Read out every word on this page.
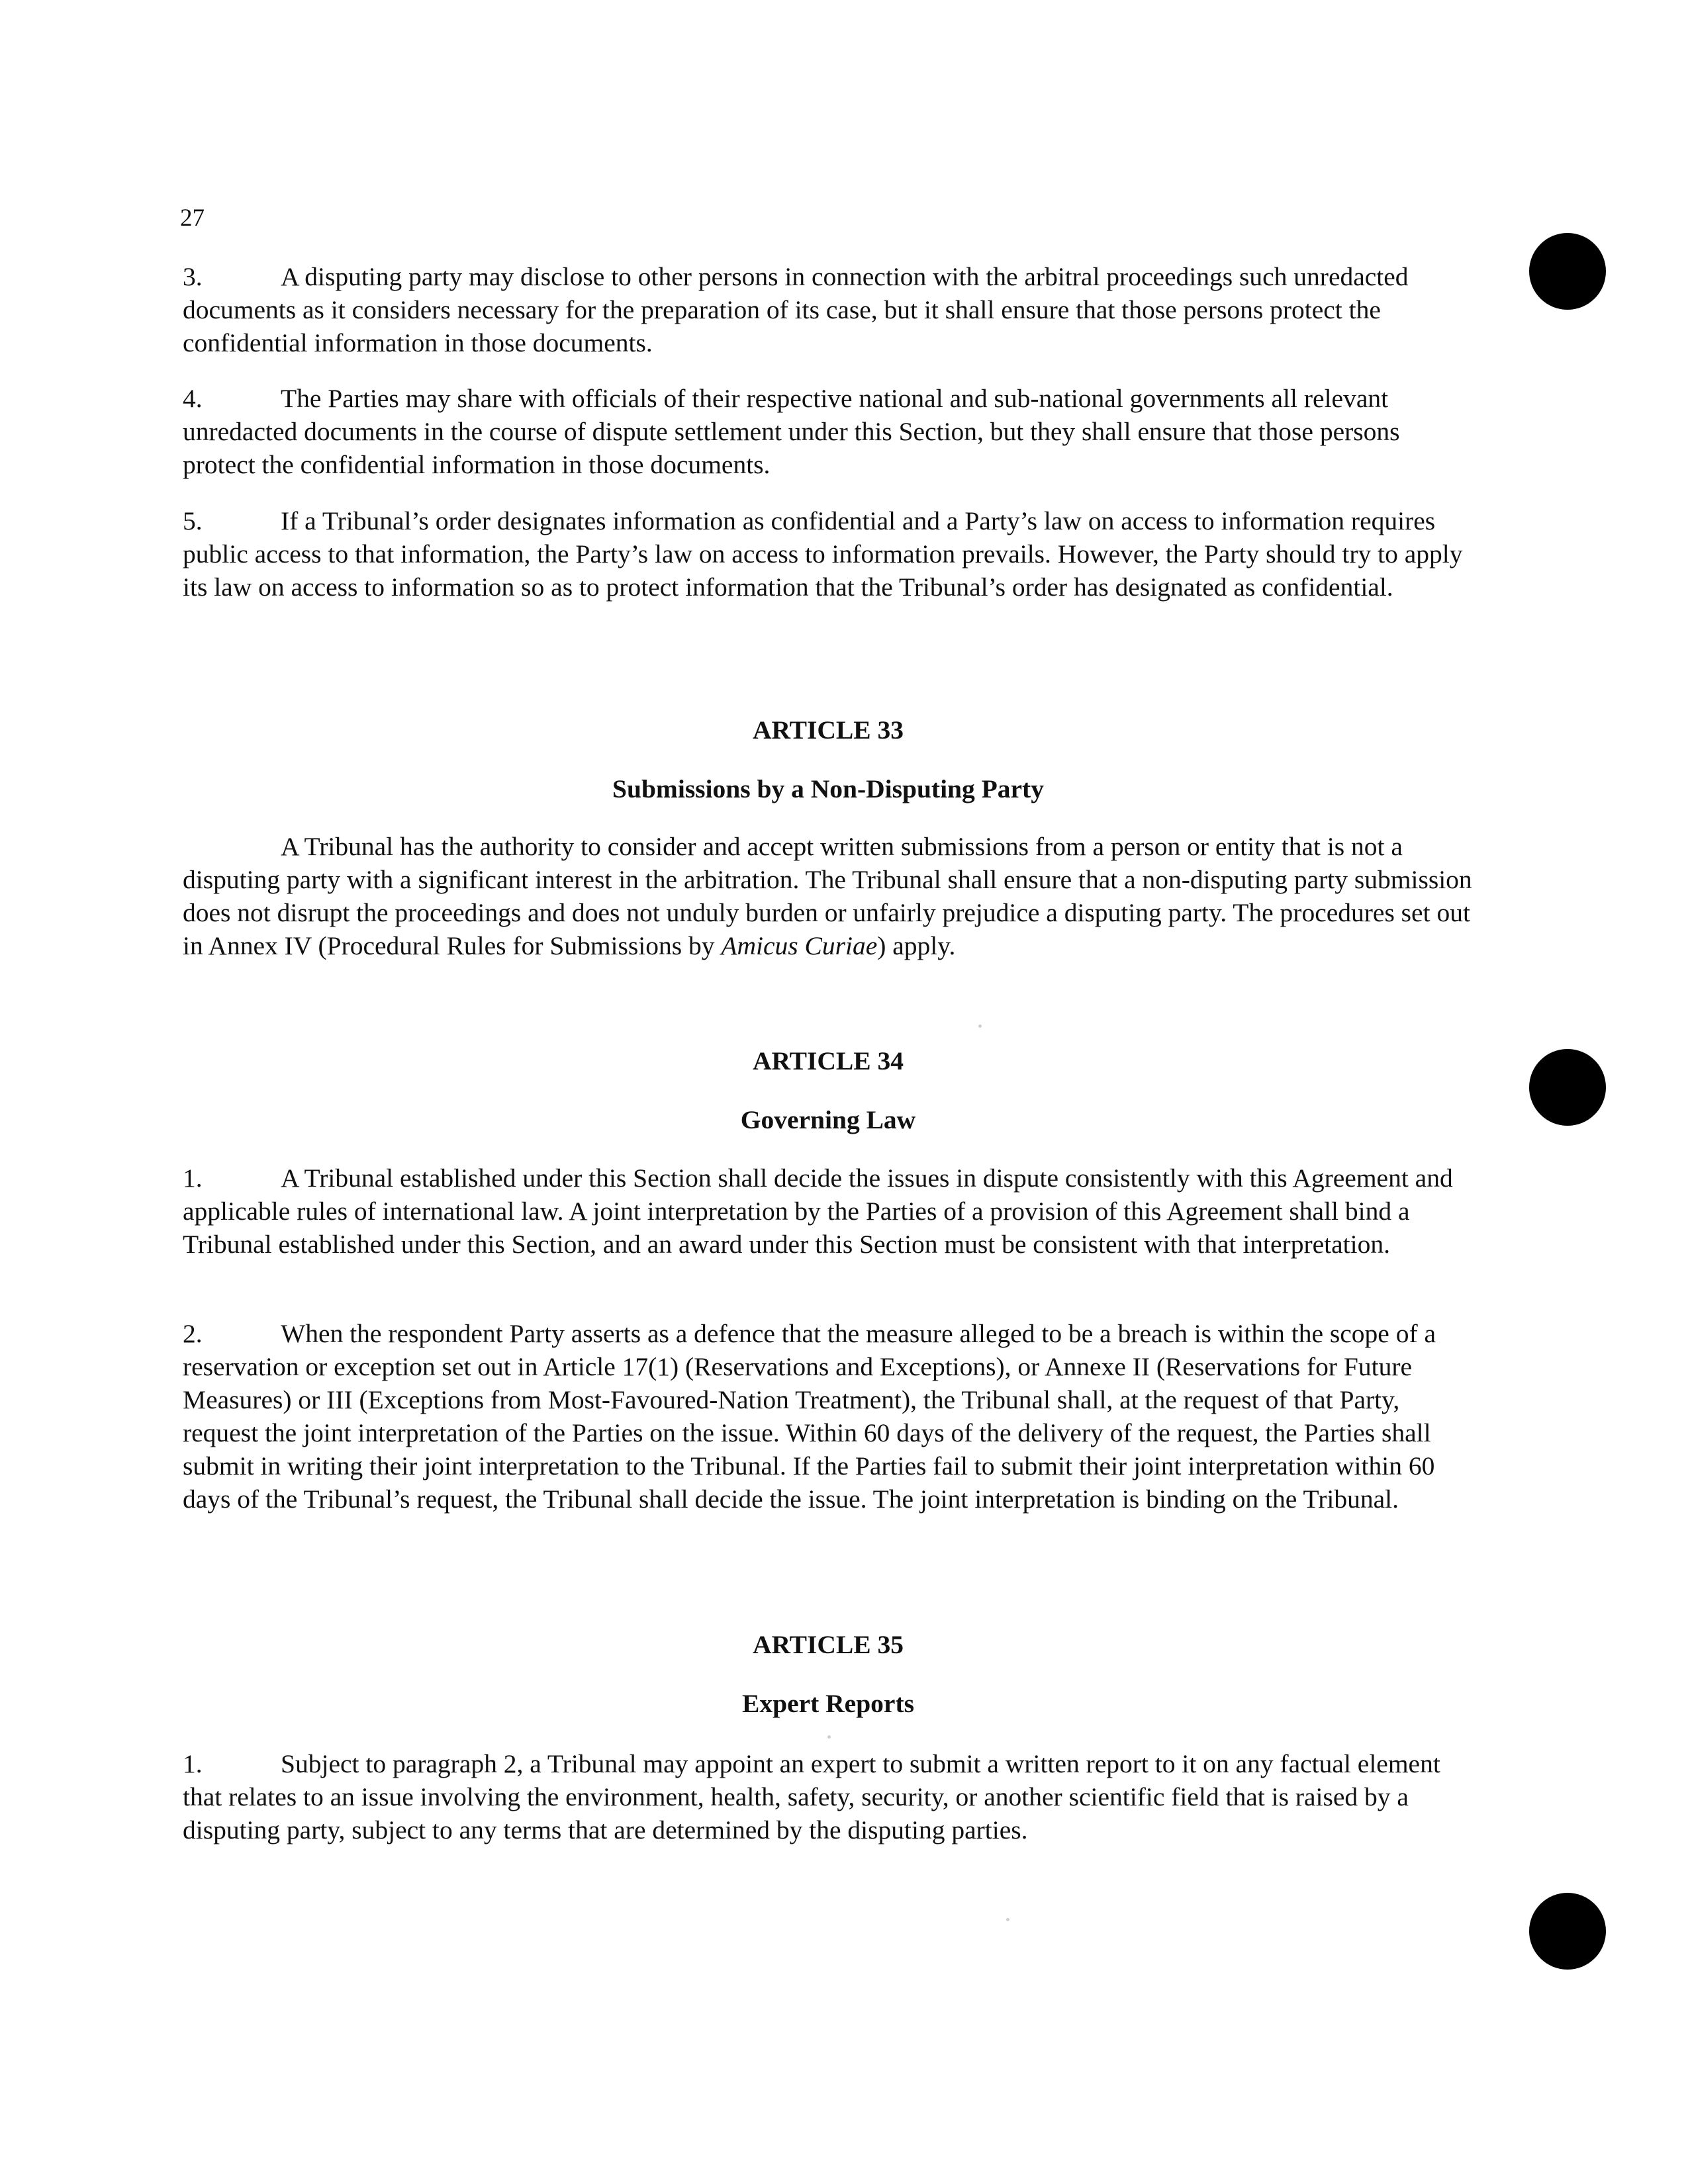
27
3.	A disputing party may disclose to other persons in connection with the arbitral proceedings such unredacted documents as it considers necessary for the preparation of its case, but it shall ensure that those persons protect the confidential information in those documents.
4.	The Parties may share with officials of their respective national and sub-national governments all relevant unredacted documents in the course of dispute settlement under this Section, but they shall ensure that those persons protect the confidential information in those documents.
5.	If a Tribunal’s order designates information as confidential and a Party’s law on access to information requires public access to that information, the Party’s law on access to information prevails. However, the Party should try to apply its law on access to information so as to protect information that the Tribunal’s order has designated as confidential.
ARTICLE 33
Submissions by a Non-Disputing Party
A Tribunal has the authority to consider and accept written submissions from a person or entity that is not a disputing party with a significant interest in the arbitration. The Tribunal shall ensure that a non-disputing party submission does not disrupt the proceedings and does not unduly burden or unfairly prejudice a disputing party. The procedures set out in Annex IV (Procedural Rules for Submissions by Amicus Curiae) apply.
ARTICLE 34
Governing Law
1.	A Tribunal established under this Section shall decide the issues in dispute consistently with this Agreement and applicable rules of international law. A joint interpretation by the Parties of a provision of this Agreement shall bind a Tribunal established under this Section, and an award under this Section must be consistent with that interpretation.
2.	When the respondent Party asserts as a defence that the measure alleged to be a breach is within the scope of a reservation or exception set out in Article 17(1) (Reservations and Exceptions), or Annexe II (Reservations for Future Measures) or III (Exceptions from Most-Favoured-Nation Treatment), the Tribunal shall, at the request of that Party, request the joint interpretation of the Parties on the issue. Within 60 days of the delivery of the request, the Parties shall submit in writing their joint interpretation to the Tribunal. If the Parties fail to submit their joint interpretation within 60 days of the Tribunal’s request, the Tribunal shall decide the issue. The joint interpretation is binding on the Tribunal.
ARTICLE 35
Expert Reports
1.	Subject to paragraph 2, a Tribunal may appoint an expert to submit a written report to it on any factual element that relates to an issue involving the environment, health, safety, security, or another scientific field that is raised by a disputing party, subject to any terms that are determined by the disputing parties.
